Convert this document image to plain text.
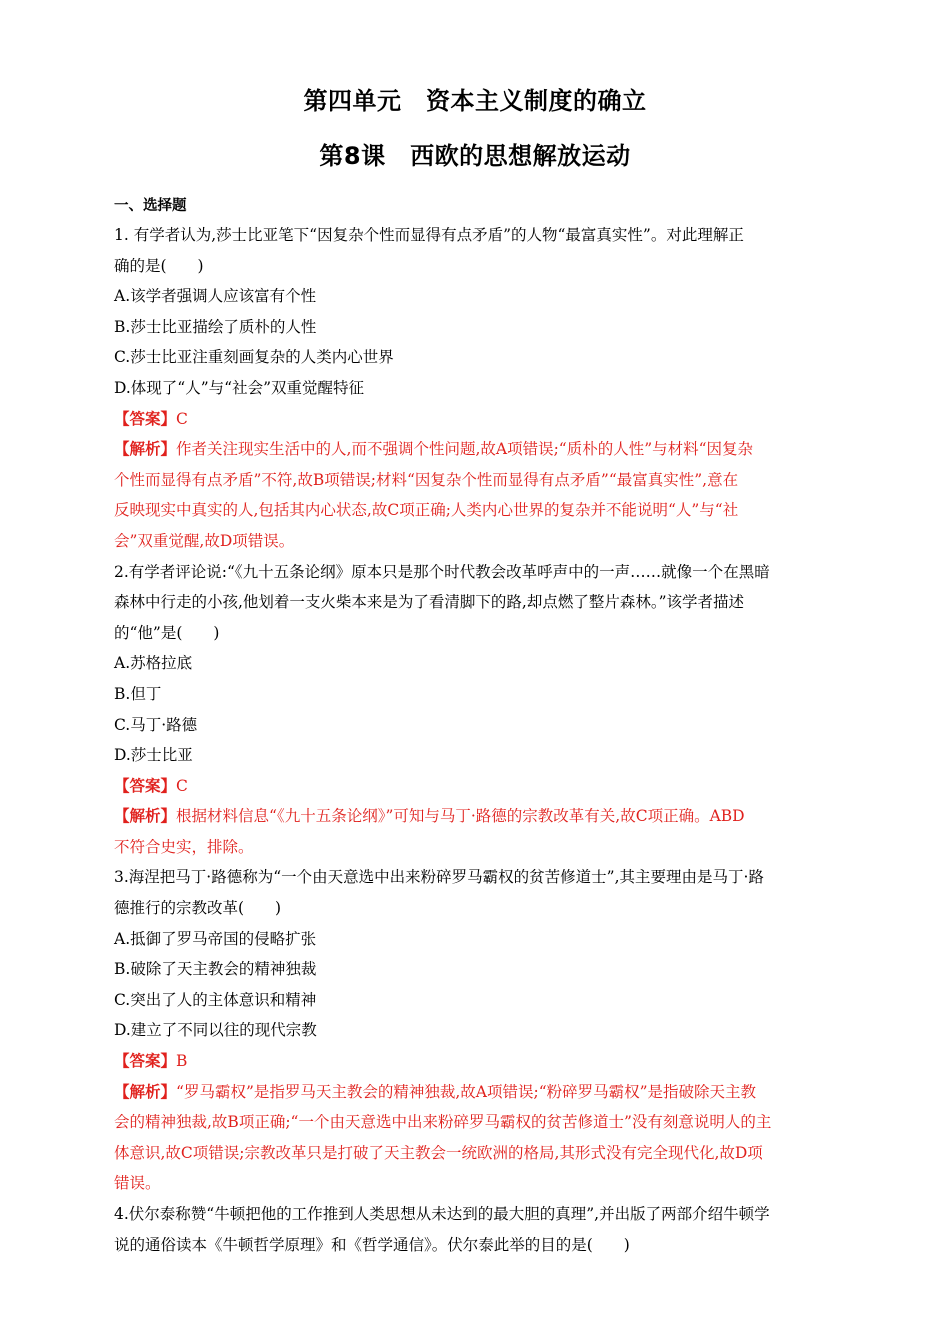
第四单元　资本主义制度的确立
第8课　西欧的思想解放运动

一、选择题

1. 有学者认为,莎士比亚笔下“因复杂个性而显得有点矛盾”的人物“最富真实性”。对此理解正

确的是(　　)

A.该学者强调人应该富有个性

B.莎士比亚描绘了质朴的人性

C.莎士比亚注重刻画复杂的人类内心世界

D.体现了“人”与“社会”双重觉醒特征

【答案】C

【解析】作者关注现实生活中的人,而不强调个性问题,故A项错误;“质朴的人性”与材料“因复杂

个性而显得有点矛盾”不符,故B项错误;材料“因复杂个性而显得有点矛盾”“最富真实性”,意在

反映现实中真实的人,包括其内心状态,故C项正确;人类内心世界的复杂并不能说明“人”与“社

会”双重觉醒,故D项错误。

2.有学者评论说:“《九十五条论纲》原本只是那个时代教会改革呼声中的一声……就像一个在黑暗

森林中行走的小孩,他划着一支火柴本来是为了看清脚下的路,却点燃了整片森林。”该学者描述

的“他”是(　　)

A.苏格拉底

B.但丁

C.马丁·路德

D.莎士比亚

【答案】C

【解析】根据材料信息“《九十五条论纲》”可知与马丁·路德的宗教改革有关,故C项正确。ABD

不符合史实，排除。

3.海涅把马丁·路德称为“一个由天意选中出来粉碎罗马霸权的贫苦修道士”,其主要理由是马丁·路

德推行的宗教改革(　　)

A.抵御了罗马帝国的侵略扩张

B.破除了天主教会的精神独裁

C.突出了人的主体意识和精神

D.建立了不同以往的现代宗教

【答案】B

【解析】“罗马霸权”是指罗马天主教会的精神独裁,故A项错误;“粉碎罗马霸权”是指破除天主教

会的精神独裁,故B项正确;“一个由天意选中出来粉碎罗马霸权的贫苦修道士”没有刻意说明人的主

体意识,故C项错误;宗教改革只是打破了天主教会一统欧洲的格局,其形式没有完全现代化,故D项

错误。

4.伏尔泰称赞“牛顿把他的工作推到人类思想从未达到的最大胆的真理”,并出版了两部介绍牛顿学

说的通俗读本《牛顿哲学原理》和《哲学通信》。伏尔泰此举的目的是(　　)
